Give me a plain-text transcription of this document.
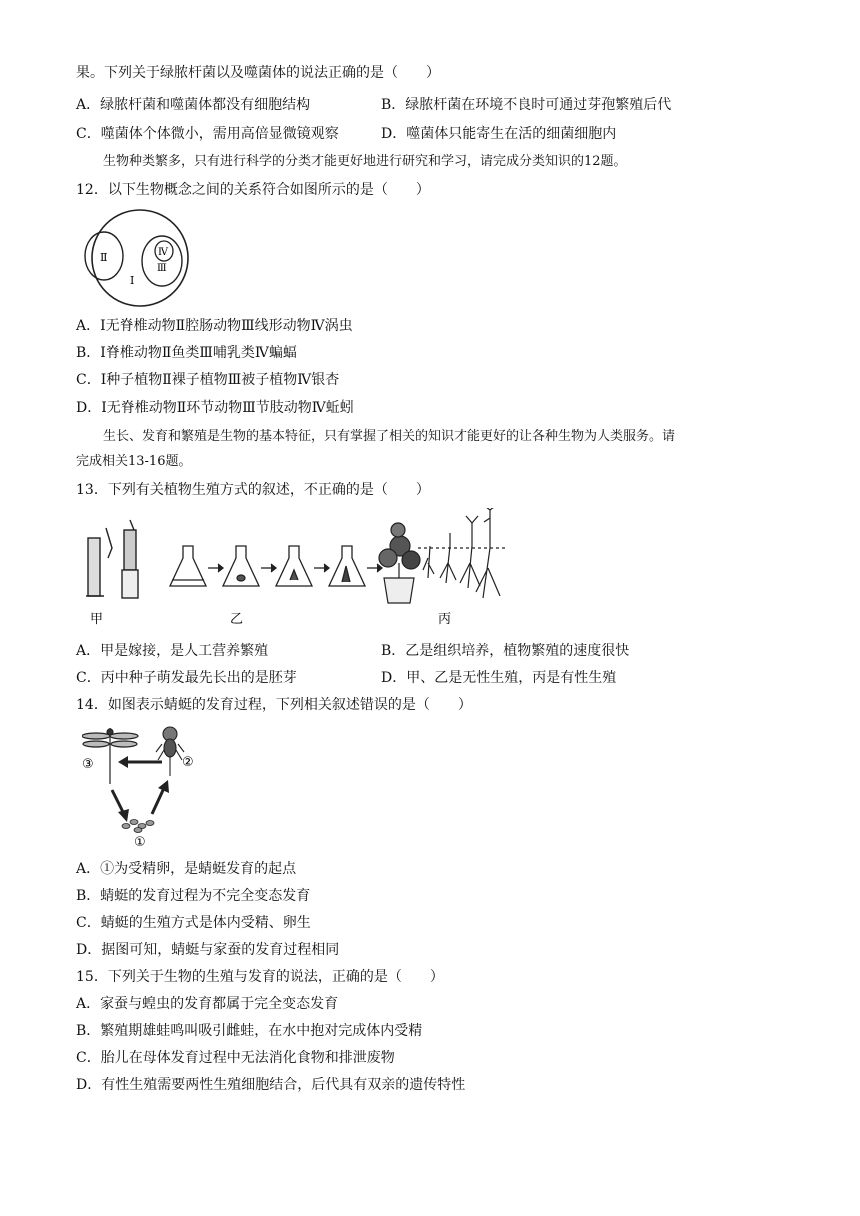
果。下列关于绿脓杆菌以及噬菌体的说法正确的是（　　）
A．绿脓杆菌和噬菌体都没有细胞结构	B．绿脓杆菌在环境不良时可通过芽孢繁殖后代
C．噬菌体个体微小，需用高倍显微镜观察	D．噬菌体只能寄生在活的细菌细胞内
生物种类繁多，只有进行科学的分类才能更好地进行研究和学习，请完成分类知识的12题。
12．以下生物概念之间的关系符合如图所示的是（　　）
Ⅱ	Ⅳ
Ⅲ
Ⅰ
A．Ⅰ无脊椎动物Ⅱ腔肠动物Ⅲ线形动物Ⅳ涡虫
B．Ⅰ脊椎动物Ⅱ鱼类Ⅲ哺乳类Ⅳ蝙蝠
C．Ⅰ种子植物Ⅱ裸子植物Ⅲ被子植物Ⅳ银杏
D．Ⅰ无脊椎动物Ⅱ环节动物Ⅲ节肢动物Ⅳ蚯蚓
生长、发育和繁殖是生物的基本特征，只有掌握了相关的知识才能更好的让各种生物为人类服务。请
完成相关13-16题。
13．下列有关植物生殖方式的叙述，不正确的是（　　）
甲	乙	丙
A．甲是嫁接，是人工营养繁殖	B．乙是组织培养，植物繁殖的速度很快
C．丙中种子萌发最先长出的是胚芽	D．甲、乙是无性生殖，丙是有性生殖
14．如图表示蜻蜓的发育过程，下列相关叙述错误的是（　　）
③	②
①
A．①为受精卵，是蜻蜓发育的起点
B．蜻蜓的发育过程为不完全变态发育
C．蜻蜓的生殖方式是体内受精、卵生
D．据图可知，蜻蜓与家蚕的发育过程相同
15．下列关于生物的生殖与发育的说法，正确的是（　　）
A．家蚕与蝗虫的发育都属于完全变态发育
B．繁殖期雄蛙鸣叫吸引雌蛙，在水中抱对完成体内受精
C．胎儿在母体发育过程中无法消化食物和排泄废物
D．有性生殖需要两性生殖细胞结合，后代具有双亲的遗传特性
